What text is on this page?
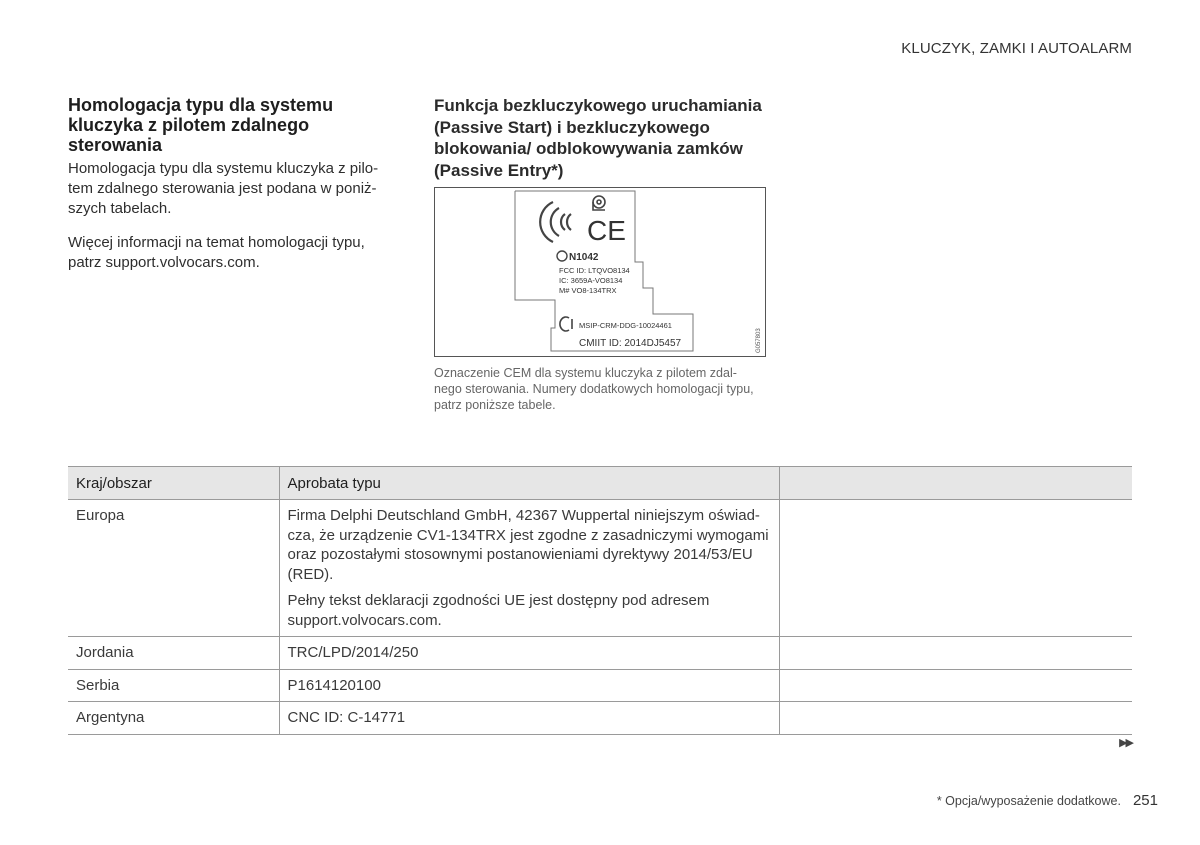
KLUCZYK, ZAMKI I AUTOALARM
Homologacja typu dla systemu kluczyka z pilotem zdalnego sterowania

Homologacja typu dla systemu kluczyka z pilo-tem zdalnego sterowania jest podana w poniż-szych tabelach.

Więcej informacji na temat homologacji typu, patrz support.volvocars.com.

Funkcja bezkluczykowego uruchamiania (Passive Start) i bezkluczykowego blokowania/ odblokowywania zamków (Passive Entry*)
CE
N1042
FCC ID: LTQVO8134
IC: 3659A-VO8134
M# VO8-134TRX
MSIP-CRM-DDG-10024461
CMIIT ID: 2014DJ5457	G057803
Oznaczenie CEM dla systemu kluczyka z pilotem zdal-nego sterowania. Numery dodatkowych homologacji typu, patrz poniższe tabele.
Kraj/obszar	Aprobata typu	
Europa	Firma Delphi Deutschland GmbH, 42367 Wuppertal niniejszym oświad-cza, że urządzenie CV1-134TRX jest zgodne z zasadniczymi wymogami oraz pozostałymi stosownymi postanowieniami dyrektywy 2014/53/EU (RED).

Pełny tekst deklaracji zgodności UE jest dostępny pod adresem support.volvocars.com.	

Jordania	TRC/LPD/2014/250	
Serbia	P1614120100	
Argentyna	CNC ID: C-14771	
▶▶
* Opcja/wyposażenie dodatkowe. 251
